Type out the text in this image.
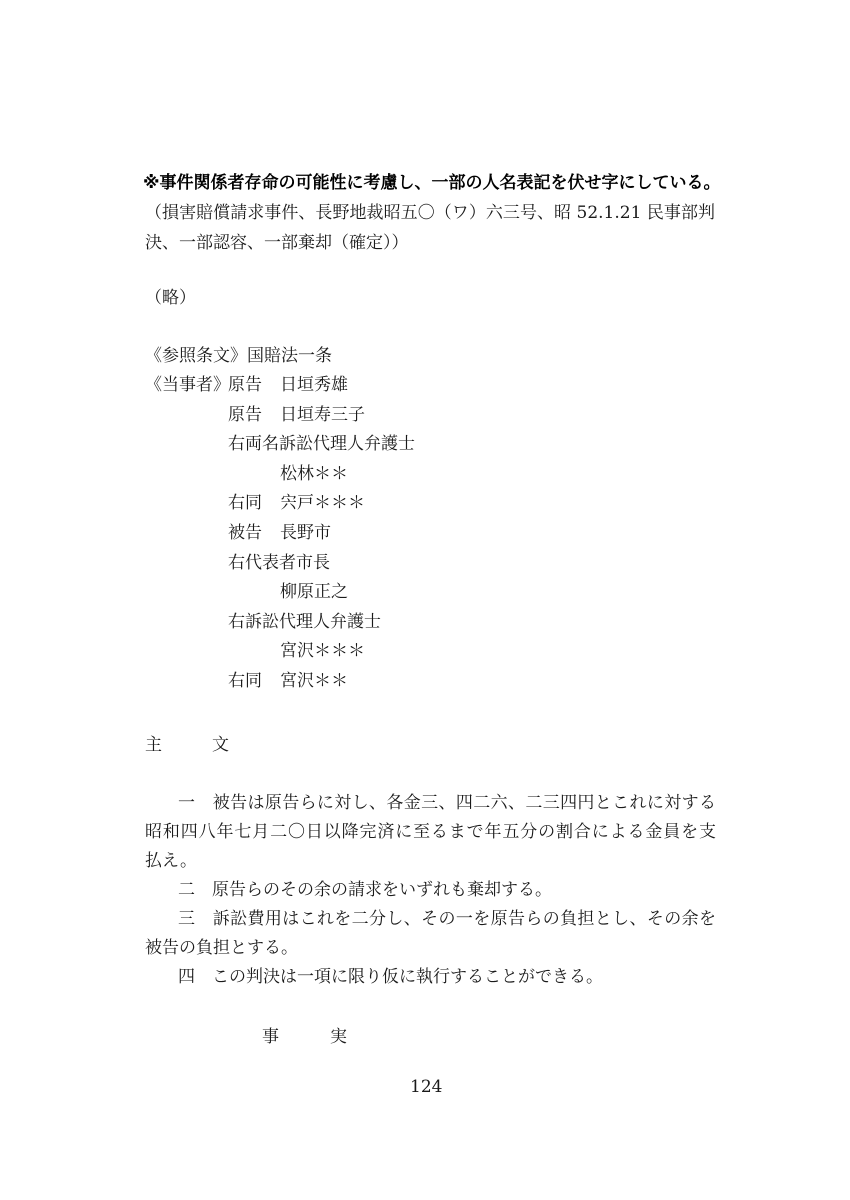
※事件関係者存命の可能性に考慮し、一部の人名表記を伏せ字にしている。
（損害賠償請求事件、長野地裁昭五〇（ワ）六三号、昭 52.1.21 民事部判
決、一部認容、一部棄却（確定））
（略）
《参照条文》国賠法一条
《当事者》
原告 日垣秀雄
原告 日垣寿三子
右両名訴訟代理人弁護士
松林＊＊
右同 宍戸＊＊＊
被告 長野市
右代表者市長
柳原正之
右訴訟代理人弁護士
宮沢＊＊＊
右同 宮沢＊＊
主	文
一　被告は原告らに対し、各金三、四二六、二三四円とこれに対する
昭和四八年七月二〇日以降完済に至るまで年五分の割合による金員を支
払え。
二　原告らのその余の請求をいずれも棄却する。
三　訴訟費用はこれを二分し、その一を原告らの負担とし、その余を
被告の負担とする。
四　この判決は一項に限り仮に執行することができる。
事	実
124
